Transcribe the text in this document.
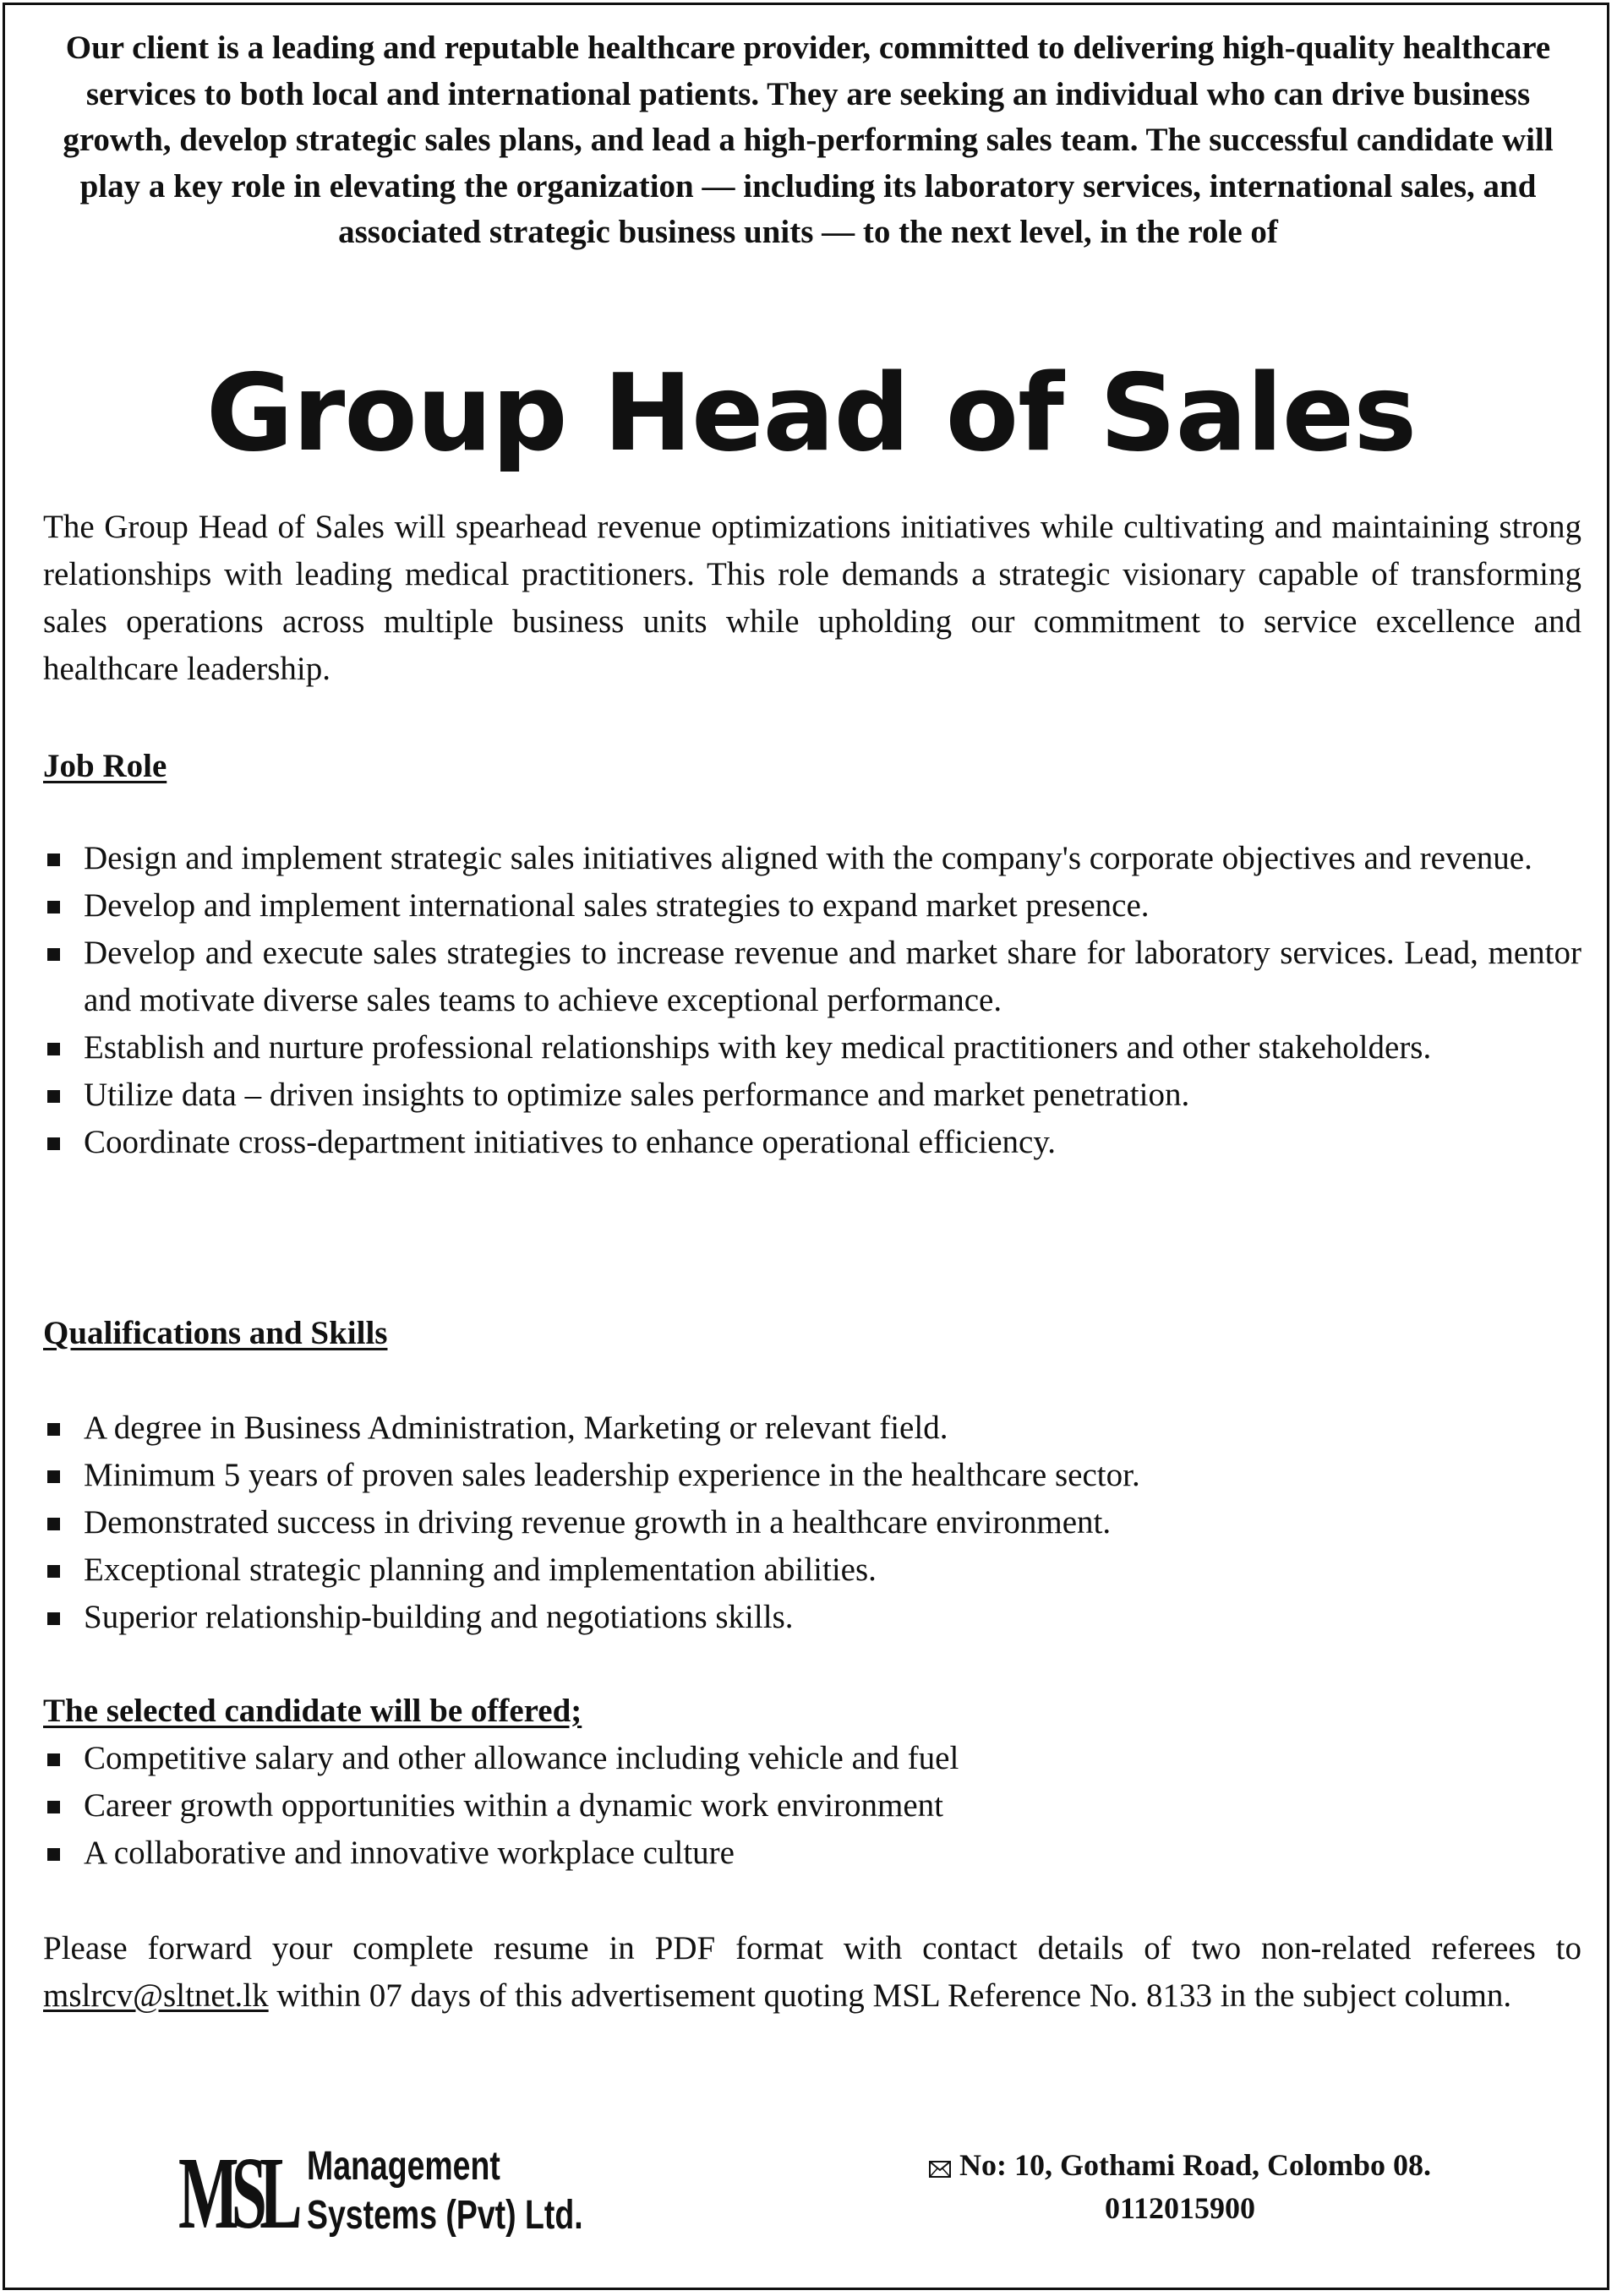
Our client is a leading and reputable healthcare provider, committed to delivering high-quality healthcare services to both local and international patients. They are seeking an individual who can drive business growth, develop strategic sales plans, and lead a high-performing sales team. The successful candidate will play a key role in elevating the organization — including its laboratory services, international sales, and associated strategic business units — to the next level, in the role of

Group Head of Sales

The Group Head of Sales will spearhead revenue optimizations initiatives while cultivating and maintaining strong relationships with leading medical practitioners. This role demands a strategic visionary capable of transforming sales operations across multiple business units while upholding our commitment to service excellence and healthcare leadership.

Job Role
Design and implement strategic sales initiatives aligned with the company's corporate objectives and revenue.
Develop and implement international sales strategies to expand market presence.
Develop and execute sales strategies to increase revenue and market share for laboratory services. Lead, mentor and motivate diverse sales teams to achieve exceptional performance.
Establish and nurture professional relationships with key medical practitioners and other stakeholders.
Utilize data – driven insights to optimize sales performance and market penetration.
Coordinate cross-department initiatives to enhance operational efficiency.
Qualifications and Skills
A degree in Business Administration, Marketing or relevant field.
Minimum 5 years of proven sales leadership experience in the healthcare sector.
Demonstrated success in driving revenue growth in a healthcare environment.
Exceptional strategic planning and implementation abilities.
Superior relationship-building and negotiations skills.
The selected candidate will be offered;
Competitive salary and other allowance including vehicle and fuel
Career growth opportunities within a dynamic work environment
A collaborative and innovative workplace culture

Please forward your complete resume in PDF format with contact details of two non-related referees to mslrcv@sltnet.lk within 07 days of this advertisement quoting MSL Reference No. 8133 in the subject column.

MSL Management
Systems (Pvt) Ltd.
No: 10, Gothami Road, Colombo 08.
0112015900
